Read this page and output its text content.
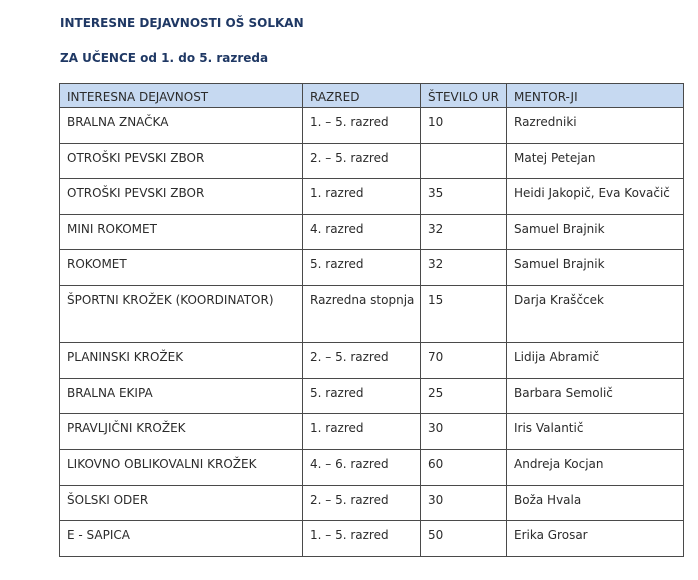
INTERESNE DEJAVNOSTI OŠ SOLKAN
ZA UČENCE od 1. do 5. razreda
INTERESNA DEJAVNOST	RAZRED	ŠTEVILO UR	MENTOR-JI
BRALNA ZNAČKA	1. – 5. razred	10	Razredniki
OTROŠKI PEVSKI ZBOR	2. – 5. razred		Matej Petejan
OTROŠKI PEVSKI ZBOR	1. razred	35	Heidi Jakopič, Eva Kovačič
MINI ROKOMET	4. razred	32	Samuel Brajnik
ROKOMET	5. razred	32	Samuel Brajnik
ŠPORTNI KROŽEK (KOORDINATOR)	Razredna stopnja	15	Darja Kraščcek
PLANINSKI KROŽEK	2. – 5. razred	70	Lidija Abramič
BRALNA EKIPA	5. razred	25	Barbara Semolič
PRAVLJIČNI KROŽEK	1. razred	30	Iris Valantič
LIKOVNO OBLIKOVALNI KROŽEK	4. – 6. razred	60	Andreja Kocjan
ŠOLSKI ODER	2. – 5. razred	30	Boža Hvala
E - SAPICA	1. – 5. razred	50	Erika Grosar
